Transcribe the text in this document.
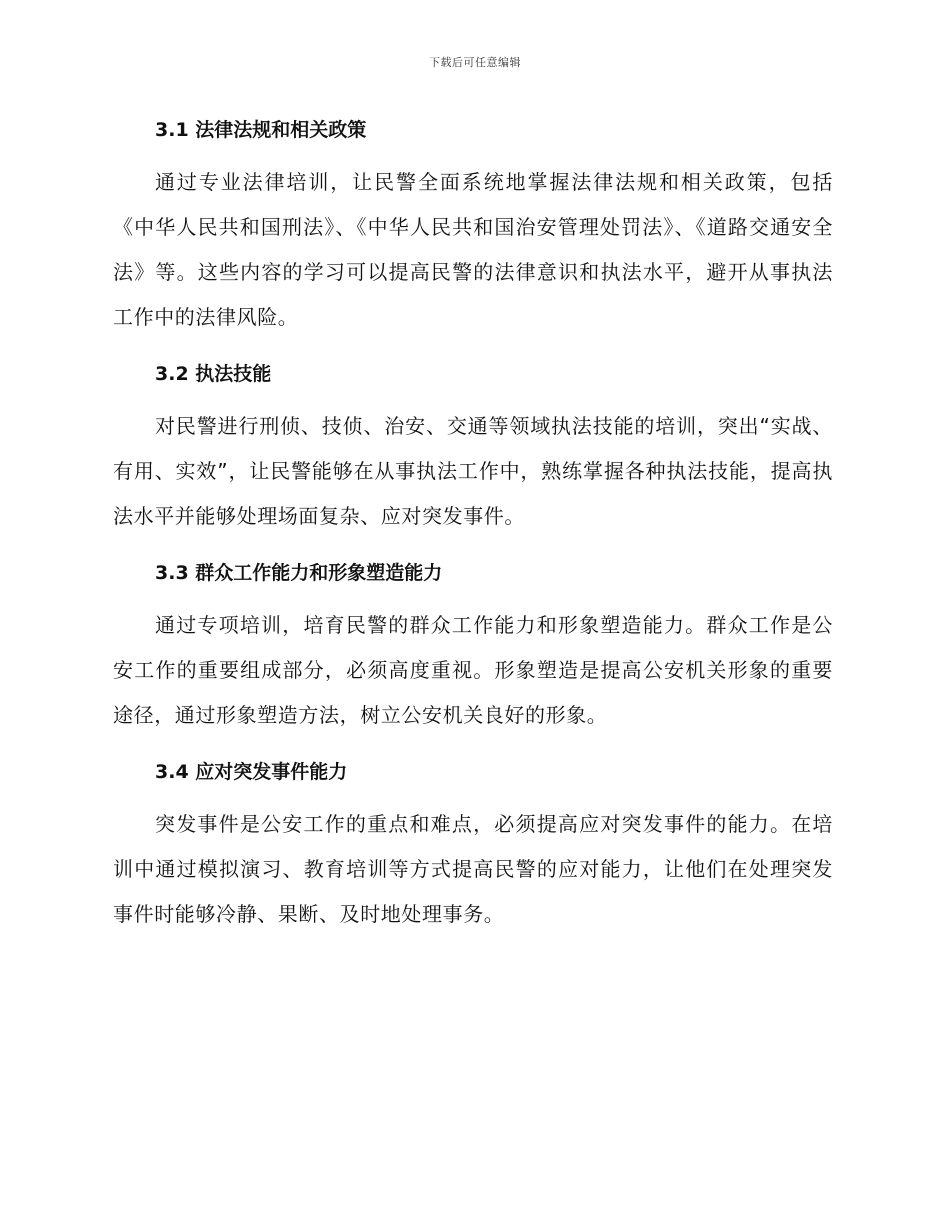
下载后可任意编辑
3.1 法律法规和相关政策

通过专业法律培训，让民警全面系统地掌握法律法规和相关政策，包括《中华人民共和国刑法》、《中华人民共和国治安管理处罚法》、《道路交通安全法》等。这些内容的学习可以提高民警的法律意识和执法水平，避开从事执法工作中的法律风险。

3.2 执法技能

对民警进行刑侦、技侦、治安、交通等领域执法技能的培训，突出“实战、有用、实效”，让民警能够在从事执法工作中，熟练掌握各种执法技能，提高执法水平并能够处理场面复杂、应对突发事件。

3.3 群众工作能力和形象塑造能力

通过专项培训，培育民警的群众工作能力和形象塑造能力。群众工作是公安工作的重要组成部分，必须高度重视。形象塑造是提高公安机关形象的重要途径，通过形象塑造方法，树立公安机关良好的形象。

3.4 应对突发事件能力

突发事件是公安工作的重点和难点，必须提高应对突发事件的能力。在培训中通过模拟演习、教育培训等方式提高民警的应对能力，让他们在处理突发事件时能够冷静、果断、及时地处理事务。
